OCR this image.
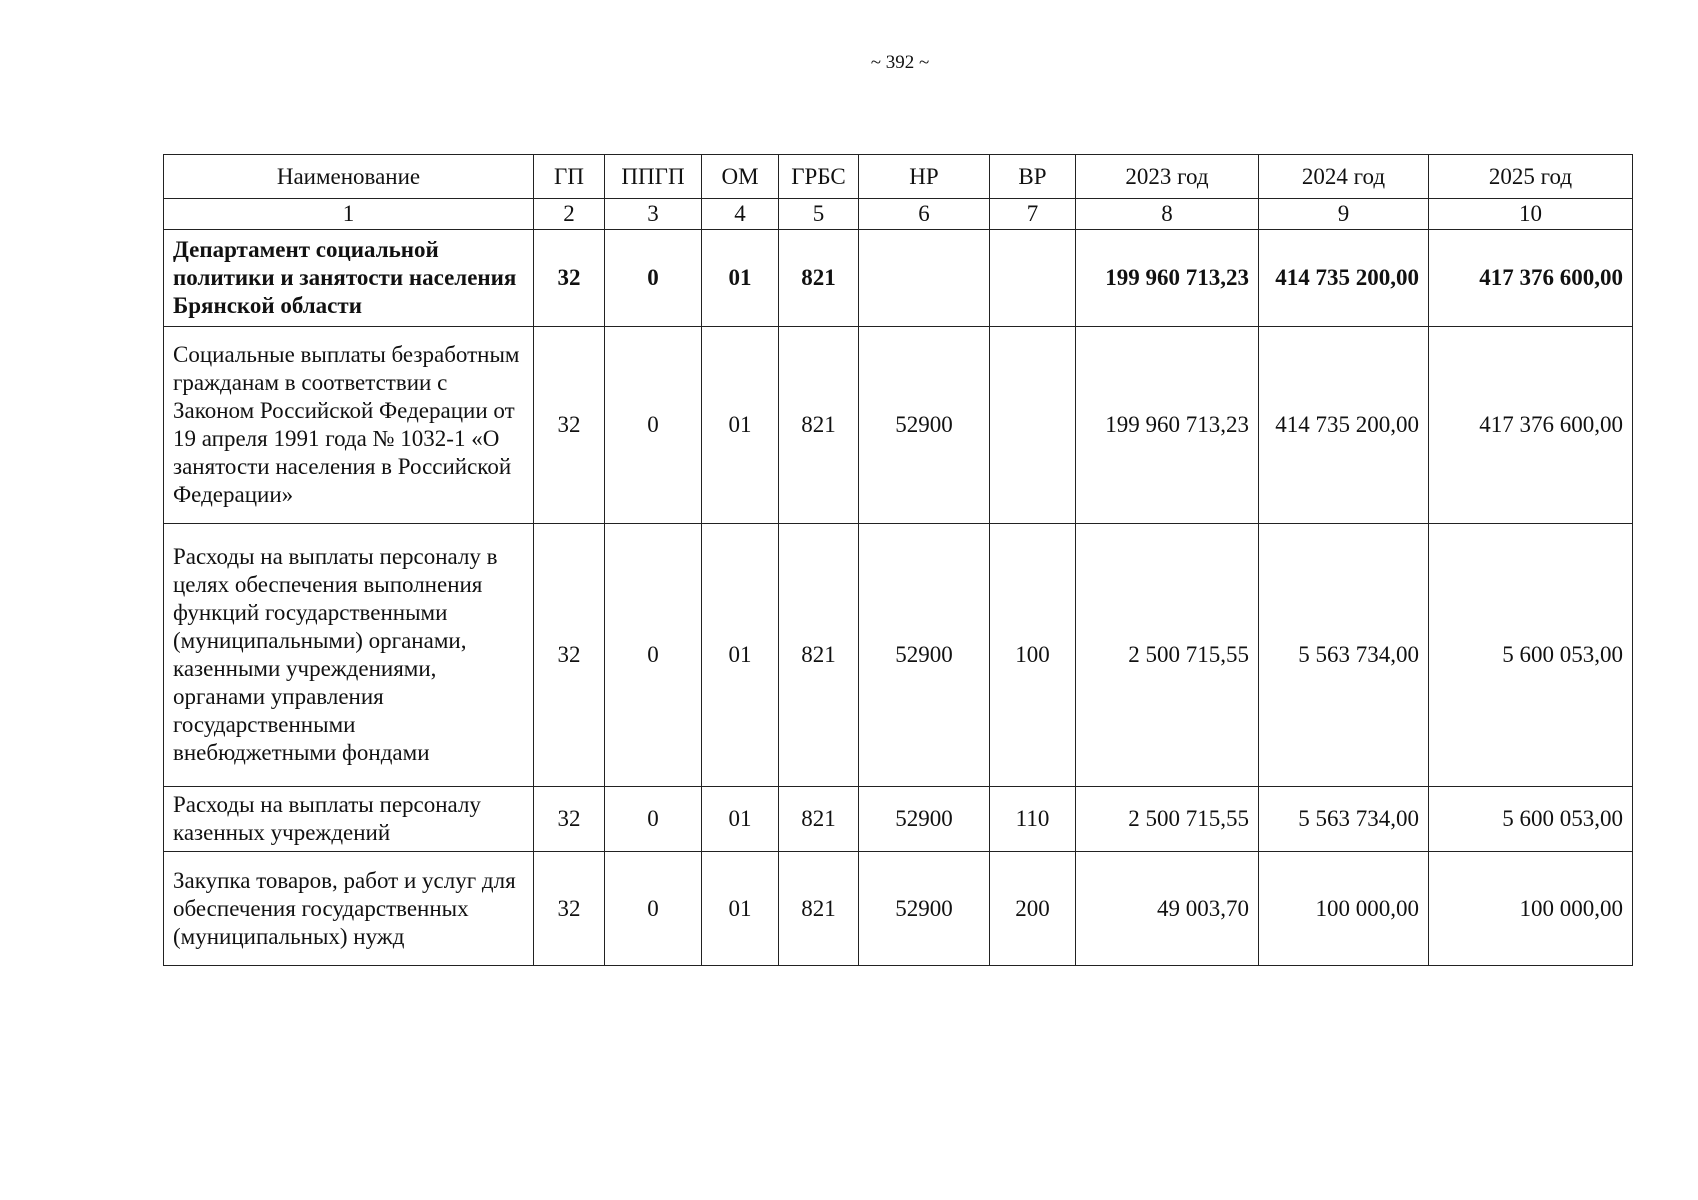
~ 392 ~
Наименование	ГП	ППГП	ОМ	ГРБС	НР	ВР	2023 год	2024 год	2025 год
1	2	3	4	5	6	7	8	9	10
Департамент социальной политики и занятости населения Брянской области	32	0	01	821			199 960 713,23	414 735 200,00	417 376 600,00
Социальные выплаты безработным гражданам в соответствии с Законом Российской Федерации от 19 апреля 1991 года № 1032-1 «О занятости населения в Российской Федерации»	32	0	01	821	52900		199 960 713,23	414 735 200,00	417 376 600,00
Расходы на выплаты персоналу в целях обеспечения выполнения функций государственными (муниципальными) органами, казенными учреждениями, органами управления государственными внебюджетными фондами	32	0	01	821	52900	100	2 500 715,55	5 563 734,00	5 600 053,00
Расходы на выплаты персоналу казенных учреждений	32	0	01	821	52900	110	2 500 715,55	5 563 734,00	5 600 053,00
Закупка товаров, работ и услуг для обеспечения государственных (муниципальных) нужд	32	0	01	821	52900	200	49 003,70	100 000,00	100 000,00
